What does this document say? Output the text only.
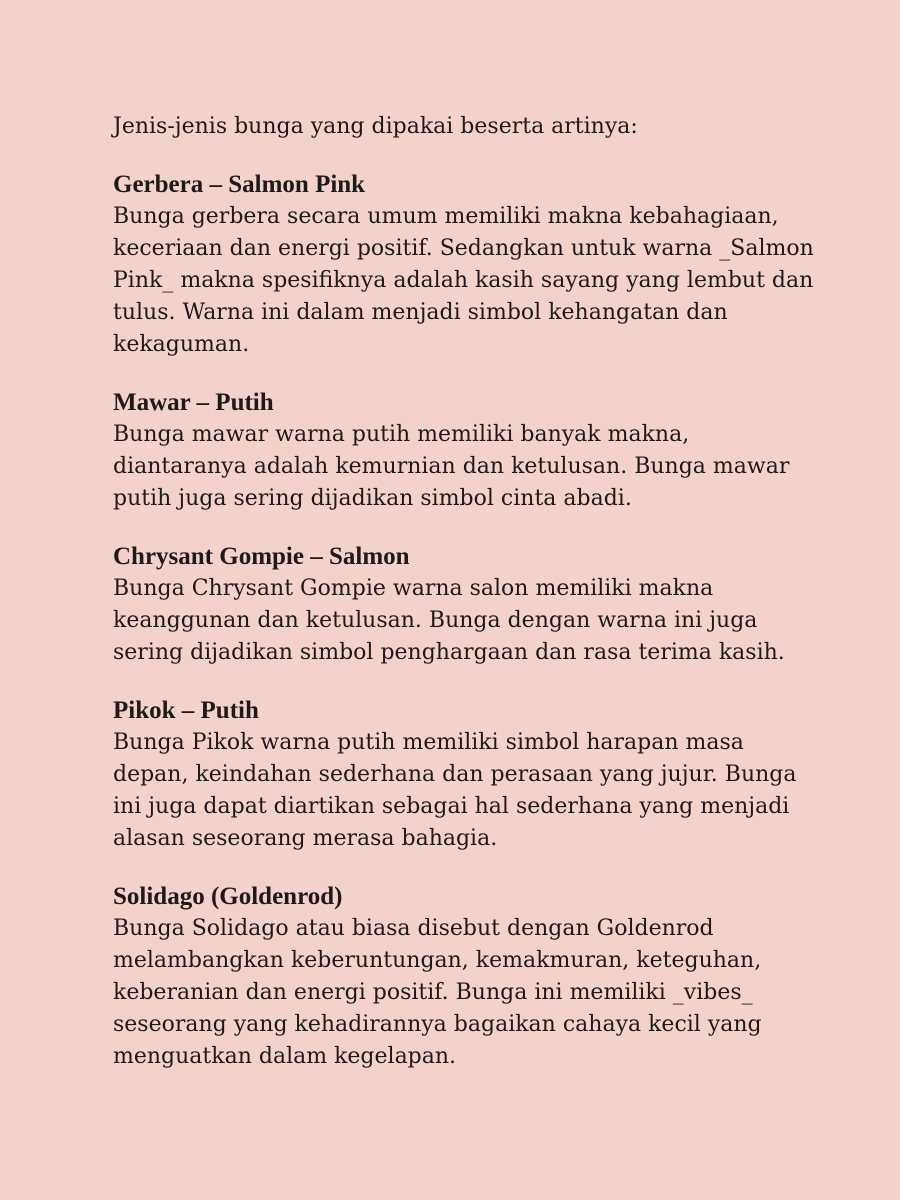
Jenis-jenis bunga yang dipakai beserta artinya:

Gerbera – Salmon Pink

Bunga gerbera secara umum memiliki makna kebahagiaan,

keceriaan dan energi positif. Sedangkan untuk warna _Salmon

Pink_ makna spesifiknya adalah kasih sayang yang lembut dan

tulus. Warna ini dalam menjadi simbol kehangatan dan

kekaguman.

Mawar – Putih

Bunga mawar warna putih memiliki banyak makna,

diantaranya adalah kemurnian dan ketulusan. Bunga mawar

putih juga sering dijadikan simbol cinta abadi.

Chrysant Gompie – Salmon

Bunga Chrysant Gompie warna salon memiliki makna

keanggunan dan ketulusan. Bunga dengan warna ini juga

sering dijadikan simbol penghargaan dan rasa terima kasih.

Pikok – Putih

Bunga Pikok warna putih memiliki simbol harapan masa

depan, keindahan sederhana dan perasaan yang jujur. Bunga

ini juga dapat diartikan sebagai hal sederhana yang menjadi

alasan seseorang merasa bahagia.

Solidago (Goldenrod)

Bunga Solidago atau biasa disebut dengan Goldenrod

melambangkan keberuntungan, kemakmuran, keteguhan,

keberanian dan energi positif. Bunga ini memiliki _vibes_

seseorang yang kehadirannya bagaikan cahaya kecil yang

menguatkan dalam kegelapan.
